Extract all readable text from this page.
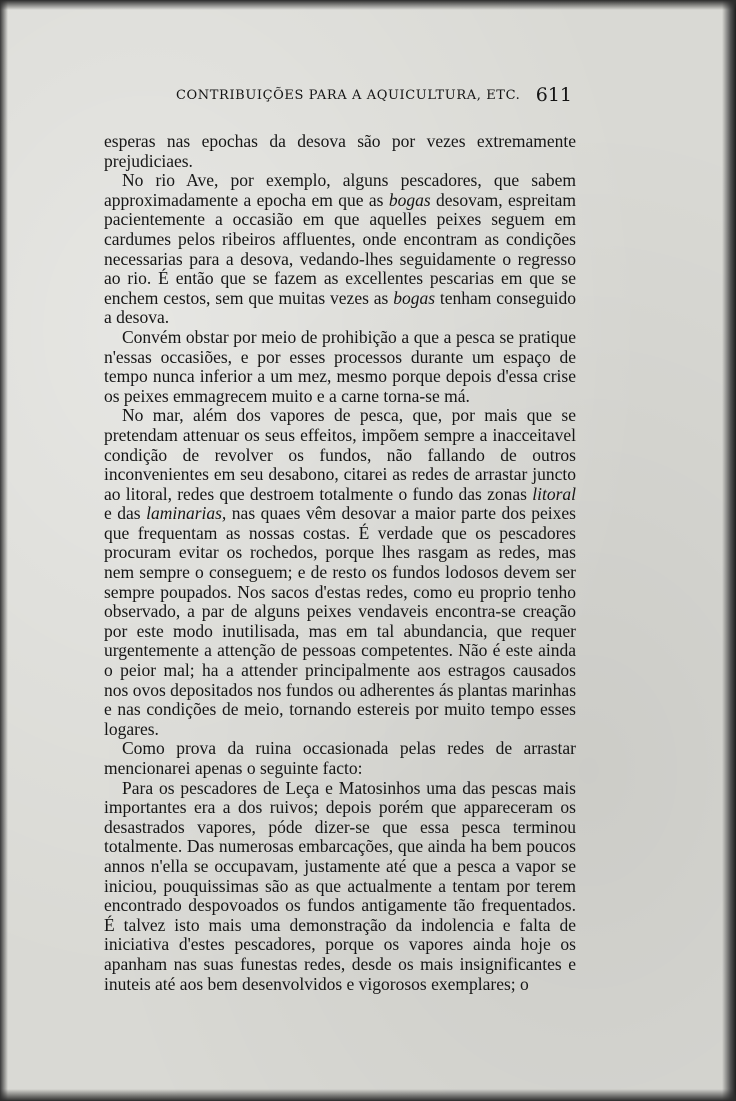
CONTRIBUIÇÕES PARA A AQUICULTURA, ETC. 611

esperas nas epochas da desova são por vezes extremamente prejudiciaes.

No rio Ave, por exemplo, alguns pescadores, que sabem approximadamente a epocha em que as bogas desovam, espreitam pacientemente a occasião em que aquelles peixes seguem em cardumes pelos ribeiros affluentes, onde encontram as condições necessarias para a desova, vedando-lhes seguidamente o regresso ao rio. É então que se fazem as excellentes pescarias em que se enchem cestos, sem que muitas vezes as bogas tenham conseguido a desova.

Convém obstar por meio de prohibição a que a pesca se pratique n'essas occasiões, e por esses processos durante um espaço de tempo nunca inferior a um mez, mesmo porque depois d'essa crise os peixes emmagrecem muito e a carne torna-se má.

No mar, além dos vapores de pesca, que, por mais que se pretendam attenuar os seus effeitos, impõem sempre a inacceitavel condição de revolver os fundos, não fallando de outros inconvenientes em seu desabono, citarei as redes de arrastar juncto ao litoral, redes que destroem totalmente o fundo das zonas litoral e das laminarias, nas quaes vêm desovar a maior parte dos peixes que frequentam as nossas costas. É verdade que os pescadores procuram evitar os rochedos, porque lhes rasgam as redes, mas nem sempre o conseguem; e de resto os fundos lodosos devem ser sempre poupados. Nos sacos d'estas redes, como eu proprio tenho observado, a par de alguns peixes vendaveis encontra-se creação por este modo inutilisada, mas em tal abundancia, que requer urgentemente a attenção de pessoas competentes. Não é este ainda o peior mal; ha a attender principalmente aos estragos causados nos ovos depositados nos fundos ou adherentes ás plantas marinhas e nas condições de meio, tornando estereis por muito tempo esses logares.

Como prova da ruina occasionada pelas redes de arrastar mencionarei apenas o seguinte facto:

Para os pescadores de Leça e Matosinhos uma das pescas mais importantes era a dos ruivos; depois porém que appareceram os desastrados vapores, póde dizer-se que essa pesca terminou totalmente. Das numerosas embarcações, que ainda ha bem poucos annos n'ella se occupavam, justamente até que a pesca a vapor se iniciou, pouquissimas são as que actualmente a tentam por terem encontrado despovoados os fundos antigamente tão frequentados. É talvez isto mais uma demonstração da indolencia e falta de iniciativa d'estes pescadores, porque os vapores ainda hoje os apanham nas suas funestas redes, desde os mais insignificantes e inuteis até aos bem desenvolvidos e vigorosos exemplares; o
